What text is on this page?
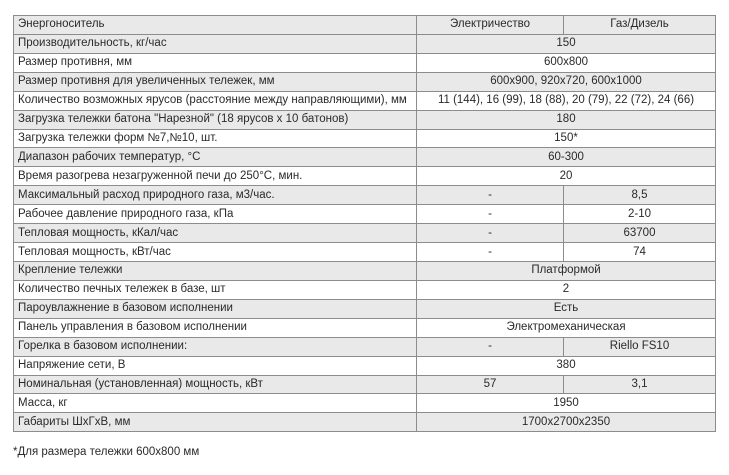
Энергоноситель	Электричество	Газ/Дизель
Производительность, кг/час	150	
Размер противня, мм	600x800	
Размер противня для увеличенных тележек, мм	600x900, 920x720, 600x1000	
Количество возможных ярусов (расстояние между направляющими), мм	11 (144), 16 (99), 18 (88), 20 (79), 22 (72), 24 (66)	
Загрузка тележки батона "Нарезной" (18 ярусов х 10 батонов)	180	
Загрузка тележки форм №7,№10, шт.	150*	
Диапазон рабочих температур, °С	60-300	
Время разогрева незагруженной печи до 250°С, мин.	20	
Максимальный расход природного газа, м3/час.	-	8,5
Рабочее давление природного газа, кПа	-	2-10
Тепловая мощность, кКал/час	-	63700
Тепловая мощность, кВт/час	-	74
Крепление тележки	Платформой	
Количество печных тележек в базе, шт	2	
Пароувлажнение в базовом исполнении	Есть	
Панель управления в базовом исполнении	Электромеханическая	
Горелка в базовом исполнении:	-	Riello FS10
Напряжение сети, В	380	
Номинальная (установленная) мощность, кВт	57	3,1
Масса, кг	1950	
Габариты ШхГхВ, мм	1700x2700x2350	
*Для размера тележки 600x800 мм
